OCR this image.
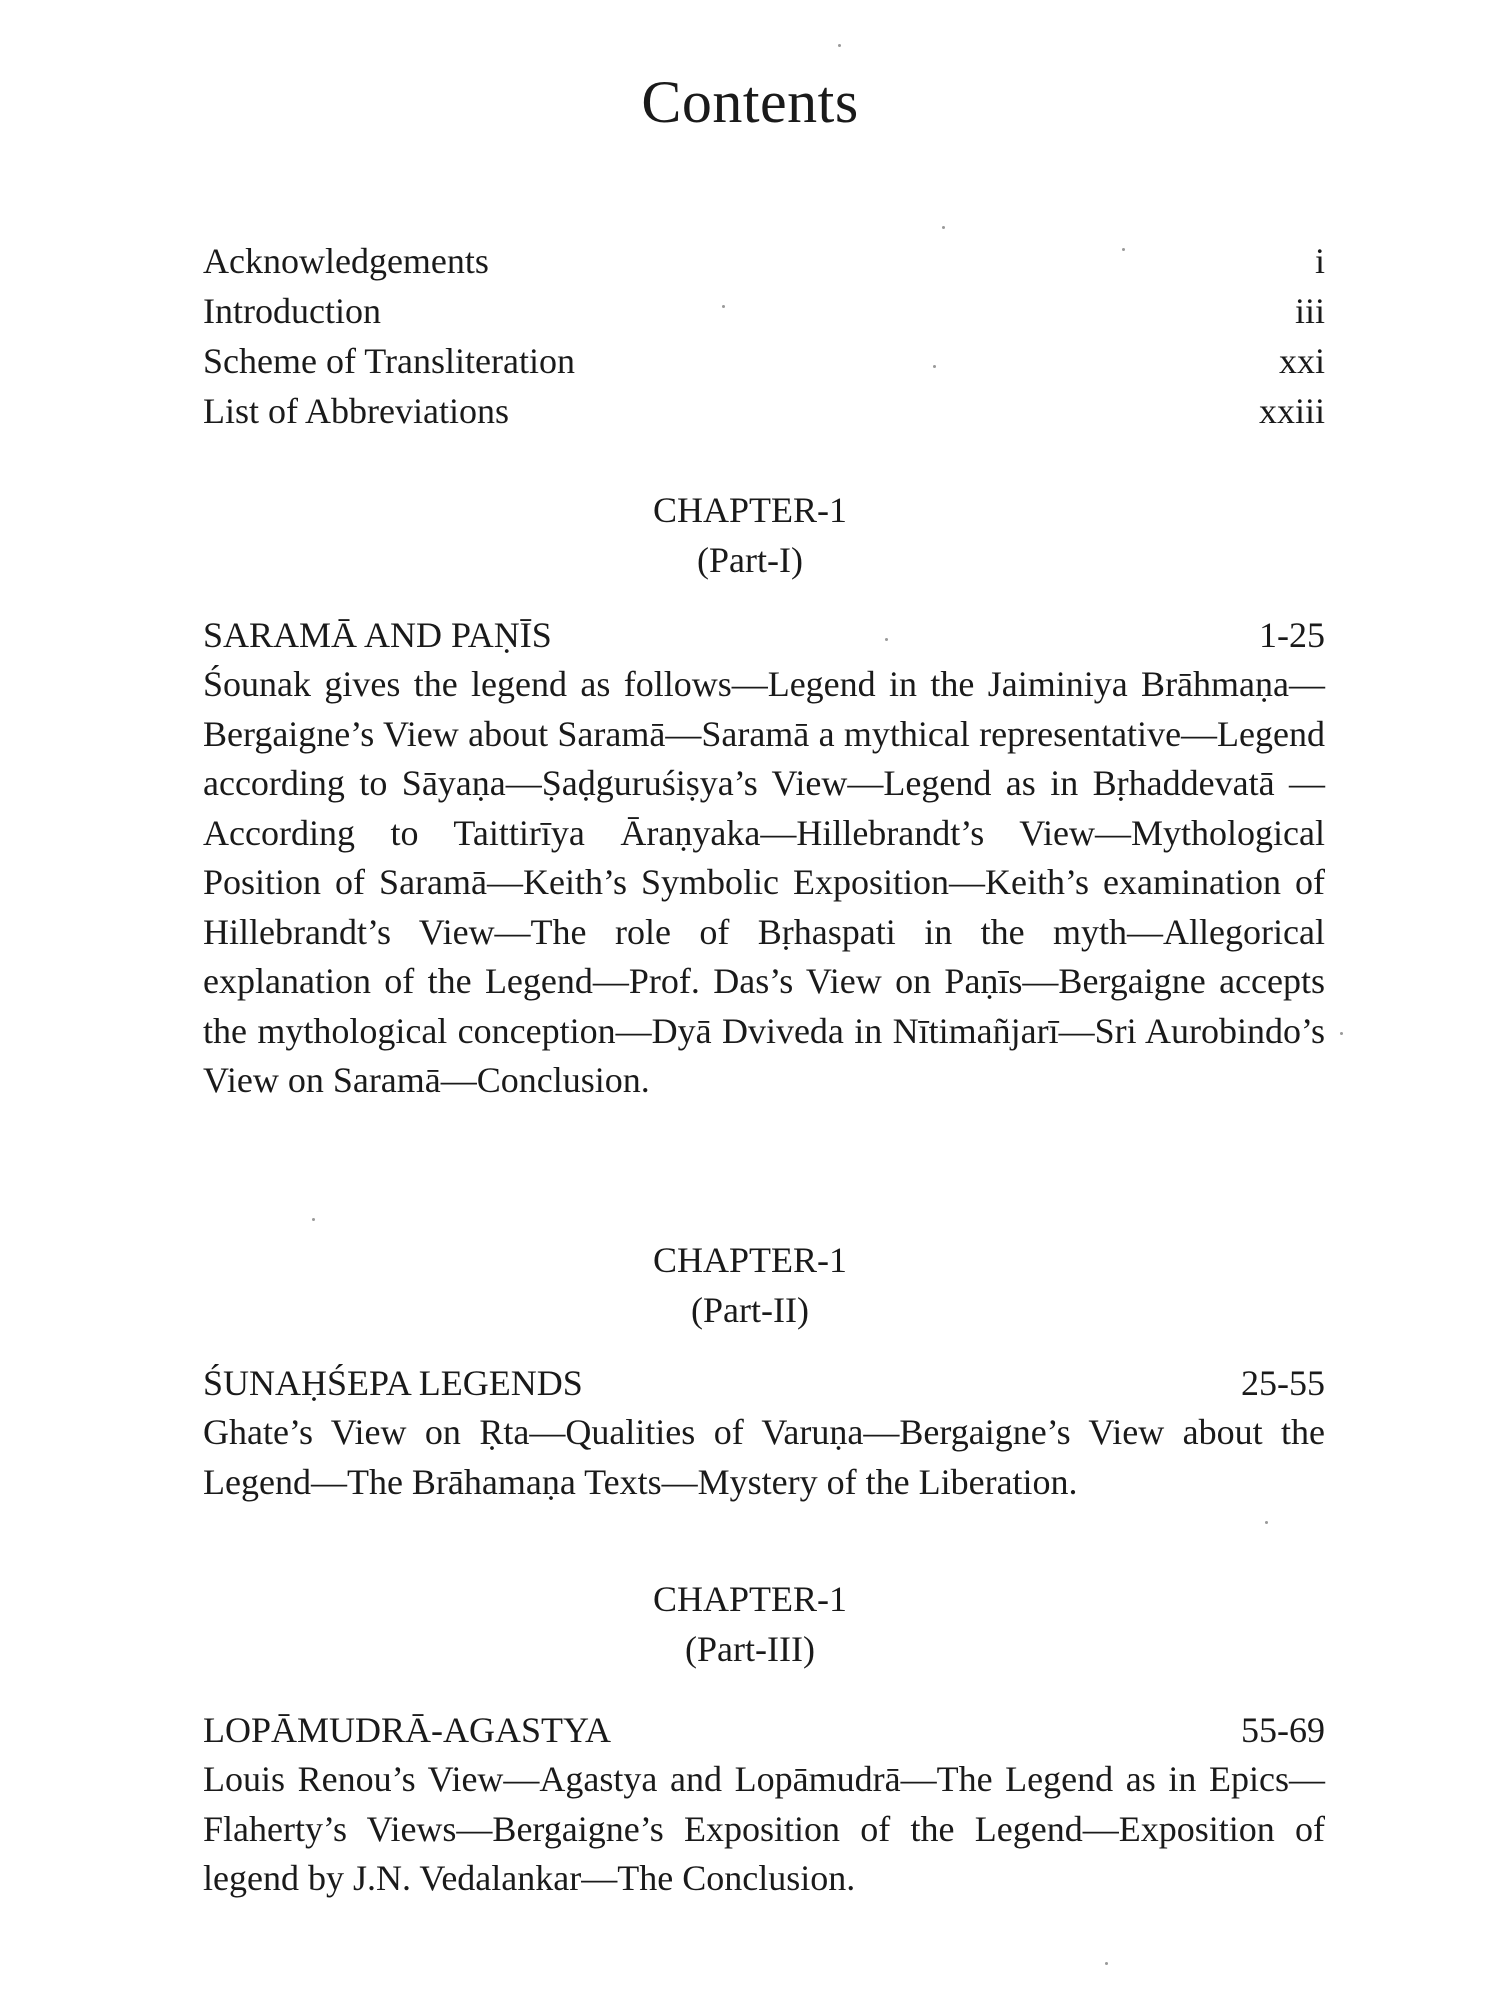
Contents
Acknowledgements	i
Introduction	iii
Scheme of Transliteration	xxi
List of Abbreviations	xxiii
CHAPTER-1
(Part-I)
SARAMĀ AND PAṆĪS	1-25

Śounak gives the legend as follows—Legend in the Jaiminiya Brāhmaṇa—Bergaigne’s View about Saramā—Saramā a mythical representative—Legend according to Sāyaṇa—Ṣaḍguruśiṣya’s View—Legend as in Bṛhaddevatā —According to Taittirīya Āraṇyaka—Hillebrandt’s View—Mythological Position of Saramā—Keith’s Symbolic Exposition—Keith’s examination of Hillebrandt’s View—The role of Bṛhaspati in the myth—Allegorical explanation of the Legend—Prof. Das’s View on Paṇīs—Bergaigne accepts the mythological conception—Dyā Dviveda in Nītimañjarī—Sri Aurobindo’s View on Saramā—Conclusion.

CHAPTER-1
(Part-II)
ŚUNAḤŚEPA LEGENDS	25-55

Ghate’s View on Ṛta—Qualities of Varuṇa—Bergaigne’s View about the Legend—The Brāhamaṇa Texts—Mystery of the Liberation.

CHAPTER-1
(Part-III)
LOPĀMUDRĀ-AGASTYA	55-69

Louis Renou’s View—Agastya and Lopāmudrā—The Legend as in Epics—Flaherty’s Views—Bergaigne’s Exposition of the Legend—Exposition of legend by J.N. Vedalankar—The Conclusion.
